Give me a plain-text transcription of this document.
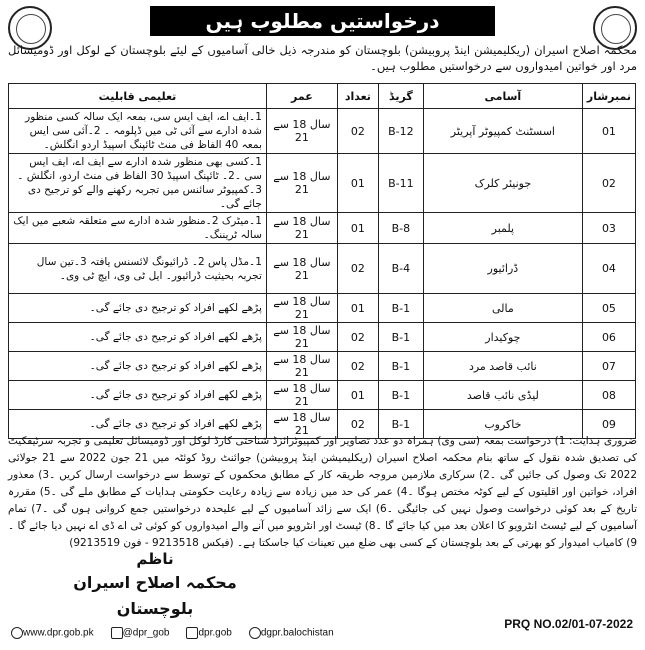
درخواستیں مطلوب ہیں
محکمہ اصلاح اسیران (ریکلیمیشن اینڈ پروبیشن) بلوچستان کو مندرجہ ذیل خالی آسامیوں کے لیئے بلوچستان کے لوکل اور ڈومیسائل مرد اور خواتین امیدواروں سے درخواستیں مطلوب ہیں۔
نمبرشار	آسامی	گریڈ	تعداد	عمر	تعلیمی قابلیت
01	اسسٹنٹ کمپیوٹر آپریٹر	B-12	02	سال 18 سے 21	1۔ایف اے، ایف ایس سی، بمعہ ایک سالہ کسی منظور شدہ ادارے سے آئی ٹی میں ڈپلومہ ۔ 2۔آئی سی ایس بمعہ 40 الفاظ فی منٹ ٹائپنگ اسپیڈ اردو انگلش۔
02	جونیئر کلرک	B-11	01	سال 18 سے 21	1۔کسی بھی منظور شدہ ادارے سے ایف اے، ایف ایس سی ۔2۔ ٹائپنگ اسپیڈ 30 الفاظ فی منٹ اردو، انگلش ۔3۔کمپیوٹر سائنس میں تجربہ رکھنے والے کو ترجیح دی جائے گی۔
03	پلمبر	B-8	01	سال 18 سے 21	1۔میٹرک 2۔منظور شدہ ادارے سے متعلقہ شعبے میں ایک سالہ ٹریننگ۔
04	ڈرائیور	B-4	02	سال 18 سے 21	1۔مڈل پاس 2۔ ڈرائیونگ لائسنس یافتہ 3۔تین سال تجربہ بحیثیت ڈرائیور۔ ایل ٹی وی، ایچ ٹی وی۔
05	مالی	B-1	01	سال 18 سے 21	پڑھے لکھے افراد کو ترجیح دی جائے گی۔
06	چوکیدار	B-1	02	سال 18 سے 21	پڑھے لکھے افراد کو ترجیح دی جائے گی۔
07	نائب قاصد مرد	B-1	02	سال 18 سے 21	پڑھے لکھے افراد کو ترجیح دی جائے گی۔
08	لیڈی نائب قاصد	B-1	01	سال 18 سے 21	پڑھے لکھے افراد کو ترجیح دی جائے گی۔
09	خاکروب	B-1	02	سال 18 سے 21	پڑھے لکھے افراد کو ترجیح دی جائے گی۔
ضروری ہدایت: 1) درخواست بمعہ (سی وی) ہمراہ دو عدد تصاویر اور کمپیوٹرائزڈ شناختی کارڈ لوکل اور ڈومیسائل تعلیمی و تجربہ سرٹیفکیٹ کی تصدیق شدہ نقول کے ساتھ بنام محکمہ اصلاح اسیران (ریکلیمیشن اینڈ پروبیشن) جوائنٹ روڈ کوئٹہ میں 21 جون 2022 سے 21 جولائی 2022 تک وصول کی جائیں گی ۔2) سرکاری ملازمین مروجہ طریقہ کار کے مطابق محکموں کے توسط سے درخواست ارسال کریں ۔3) معذور افراد، خواتین اور اقلیتوں کے لیے کوٹہ مختص ہوگا ۔4) عمر کی حد میں زیادہ سے زیادہ رعایت حکومتی ہدایات کے مطابق ملے گی ۔5) مقررہ تاریخ کے بعد کوئی درخواست وصول نہیں کی جائیگی ۔6) ایک سے زائد آسامیوں کے لیے علیحدہ درخواستیں جمع کروانی ہوں گی ۔7) تمام آسامیوں کے لیے ٹیسٹ انٹرویو کا اعلان بعد میں کیا جائے گا ۔8) ٹیسٹ اور انٹرویو میں آنے والے امیدواروں کو کوئی ٹی اے ڈی اے نہیں دیا جائے گا ۔9) کامیاب امیدوار کو بھرتی کے بعد بلوچستان کے کسی بھی ضلع میں تعینات کیا جاسکتا ہے۔ (فیکس 9213518 - فون 9213519)
ناظم
محکمہ اصلاح اسیران بلوچستان
www.dpr.gob.pk	@dpr_gob	dpr.gob	dgpr.balochistan
PRQ NO.02/01-07-2022
